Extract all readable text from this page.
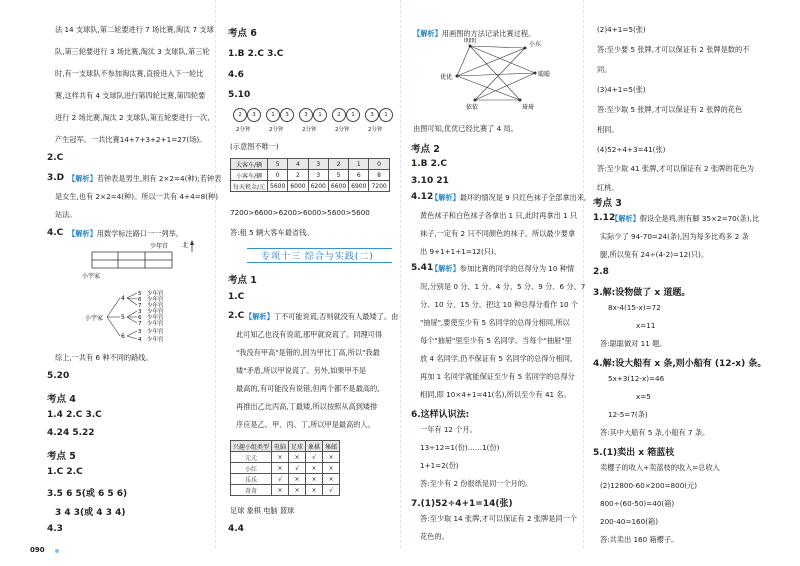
法 14 支球队,第二轮要进行 7 场比赛,淘汰 7 支球
队,第三轮要进行 3 场比赛,淘汰 3 支球队,第三轮
时,有一支球队不参加淘汰赛,直接进入下一轮比
赛,这样共有 4 支球队进行第四轮比赛,第四轮要
进行 2 场比赛,淘汰 2 支球队,第五轮要进行一次,
产生冠军。一共比赛14+7+3+2+1=27(场)。
2.C
3.D 【解析】若钟表是男生,则有 2×2=4(种);若钟表
是女生,也有 2×2=4(种)。所以一共有 4+4=8(种)
站法。
4.C 【解析】用数学标注路口一一列举。
北
少年宫
小宇家
小宇家
4
5
6
5
6
7
3
6
7
3
4
少年宫
少年宫
少年宫
少年宫
少年宫
少年宫
少年宫
少年宫
综上,一共有 6 种不同的路线。
5.20
考点 4
1.4 2.C 3.C
4.24 5.22
考点 5
1.C 2.C
3.5 6 5(或 6 5 6)
3 4 3(或 4 3 4)
4.3
考点 6
1.B 2.C 3.C
4.6
5.10
2	3	1	3	3	1	2	1	3	1
2分钟	2分钟	2分钟	2分钟	2分钟
(示意图不唯一)
大客车/辆	5	4	3	2	1	0
小客车/辆	0	2	3	5	6	8
每天租金/元	5600	6000	6200	6600	6900	7200
7200>6600>6200>6000>5600>5600
答:租 5 辆大客车最省钱。
专项十三 综合与实践(二)
考点 1
1.C
2.C 【解析】丁不可能说谎,否则就没有人最矮了。由
此可知乙也没有说谎,那甲就说谎了。同理可得
"我没有甲高"是错的,因为甲比丁高,所以"我最
矮"矛盾,所以甲说谎了。另外,如果甲不是
最高的,有可能没有说错,但两个都不是最高的,
再推出乙比丙高,丁最矮,所以按照从高到矮排
序应是乙、甲、丙、丁,所以甲是最高的人。
兴趣小组类型	电脑	足球	象棋	集邮
元元	×	×	√	×
小红	×	√	×	×
乐乐	√	×	×	×
奇奇	×	×	×	√
足球 象棋 电脑 篮球
4.4
【解析】用画图的方法记录比赛过程。
明明	小东
聪聪
琦琦
依依
优优
由图可知,优优已经比赛了 4 局。
考点 2
1.B 2.C
3.10 21
4.12
【解析】最坏的情况是 9 只红色袜子全部拿出来,
黄色袜子和白色袜子各拿出 1 只,此时再拿出 1 只
袜子,一定有 2 只不同颜色的袜子。所以最少要拿
出 9+1+1+1=12(只)。
5.41
【解析】参加比赛的同学的总得分为 10 种情
况,分别是 0 分、1 分、4 分、5 分、9 分、6 分、7
分、10 分、15 分。把这 10 种总得分看作 10 个
"抽屉",要使至少有 5 名同学的总得分相同,所以
每个"抽屉"里至少有 5 名同学。当每个"抽屉"里
放 4 名同学,仍不保证有 5 名同学的总得分相同,
再加 1 名同学就能保证至少有 5 名同学的总得分
相同,即 10×4+1=41(名),所以至少有 41 名。
6.这样认识法:
一年有 12 个月。
13÷12=1(份)……1(份)
1+1=2(份)
答:至少有 2 份报纸是同一个月的。
7.(1)52÷4+1=14(张)
答:至少取 14 张牌,才可以保证有 2 张牌是同一个
花色的。
(2)4+1=5(张)
答:至少要 5 张牌,才可以保证有 2 张牌是数的不
同。
(3)4+1=5(张)
答:至少取 5 张牌,才可以保证有 2 张牌的花色
相同。
(4)52÷4+3=41(张)
答:至少取 41 张牌,才可以保证有 2 张牌的花色为
红桃。
考点 3
1.12
【解析】假设全是鸡,则有脚 35×2=70(条),比
实际少了 94-70=24(条),因为每多比鸡多 2 条
腿,所以兔有 24÷(4-2)=12(只)。
2.8
3.解:设物做了 x 道题。
8x-4(15-x)=72
x=11
答:聪聪做对 11 题。
4.解:设大船有 x 条,则小船有 (12-x) 条。
5x+3(12-x)=46
x=5
12-5=7(条)
答:其中大船有 5 条,小船有 7 条。
5.(1)卖出 x 箱蓝枝
卖樱子的收入+卖蓝枝的收入=总收入
(2)12800-60×200=800(元)
800÷(60-50)=40(箱)
200-40=160(箱)
答:共卖出 160 箱樱子。
090
